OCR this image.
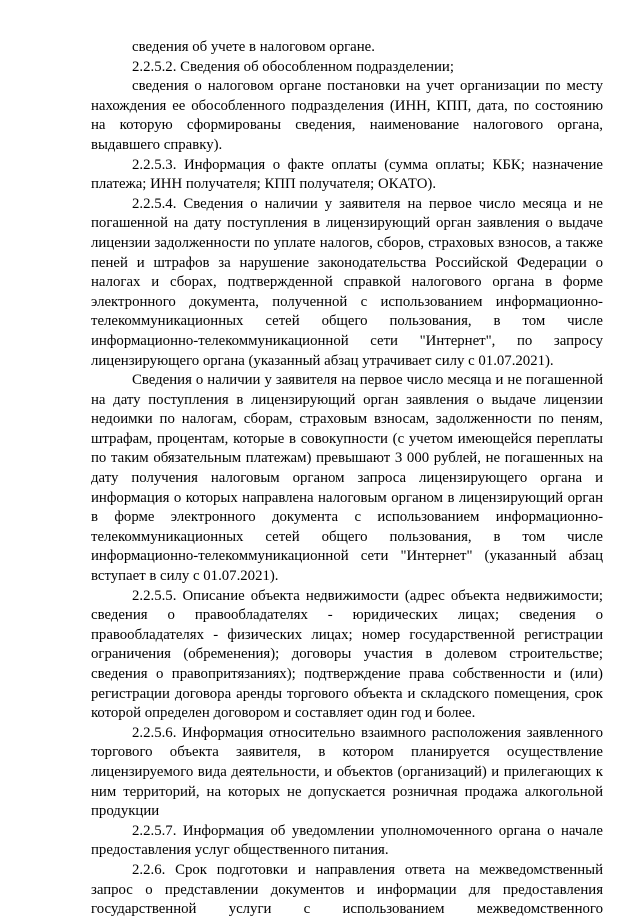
сведения об учете в налоговом органе.

2.2.5.2. Сведения об обособленном подразделении;

сведения о налоговом органе постановки на учет организации по месту нахождения ее обособленного подразделения (ИНН, КПП, дата, по состоянию на которую сформированы сведения, наименование налогового органа, выдавшего справку).

2.2.5.3. Информация о факте оплаты (сумма оплаты; КБК; назначение платежа; ИНН получателя; КПП получателя; ОКАТО).

2.2.5.4. Сведения о наличии у заявителя на первое число месяца и не погашенной на дату поступления в лицензирующий орган заявления о выдаче лицензии задолженности по уплате налогов, сборов, страховых взносов, а также пеней и штрафов за нарушение законодательства Российской Федерации о налогах и сборах, подтвержденной справкой налогового органа в форме электронного документа, полученной с использованием информационно-телекоммуникационных сетей общего пользования, в том числе информационно-телекоммуникационной сети "Интернет", по запросу лицензирующего органа (указанный абзац утрачивает силу с 01.07.2021).

Сведения о наличии у заявителя на первое число месяца и не погашенной на дату поступления в лицензирующий орган заявления о выдаче лицензии недоимки по налогам, сборам, страховым взносам, задолженности по пеням, штрафам, процентам, которые в совокупности (с учетом имеющейся переплаты по таким обязательным платежам) превышают 3 000 рублей, не погашенных на дату получения налоговым органом запроса лицензирующего органа и информация о которых направлена налоговым органом в лицензирующий орган в форме электронного документа с использованием информационно-телекоммуникационных сетей общего пользования, в том числе информационно-телекоммуникационной сети "Интернет" (указанный абзац вступает в силу с 01.07.2021).

2.2.5.5. Описание объекта недвижимости (адрес объекта недвижимости; сведения о правообладателях - юридических лицах; сведения о правообладателях - физических лицах; номер государственной регистрации ограничения (обременения); договоры участия в долевом строительстве; сведения о правопритязаниях); подтверждение права собственности и (или) регистрации договора аренды торгового объекта и складского помещения, срок которой определен договором и составляет один год и более.

2.2.5.6. Информация относительно взаимного расположения заявленного торгового объекта заявителя, в котором планируется осуществление лицензируемого вида деятельности, и объектов (организаций) и прилегающих к ним территорий, на которых не допускается розничная продажа алкогольной продукции

2.2.5.7. Информация об уведомлении уполномоченного органа о начале предоставления услуг общественного питания.

2.2.6. Срок подготовки и направления ответа на межведомственный запрос о представлении документов и информации для предоставления государственной услуги с использованием межведомственного
